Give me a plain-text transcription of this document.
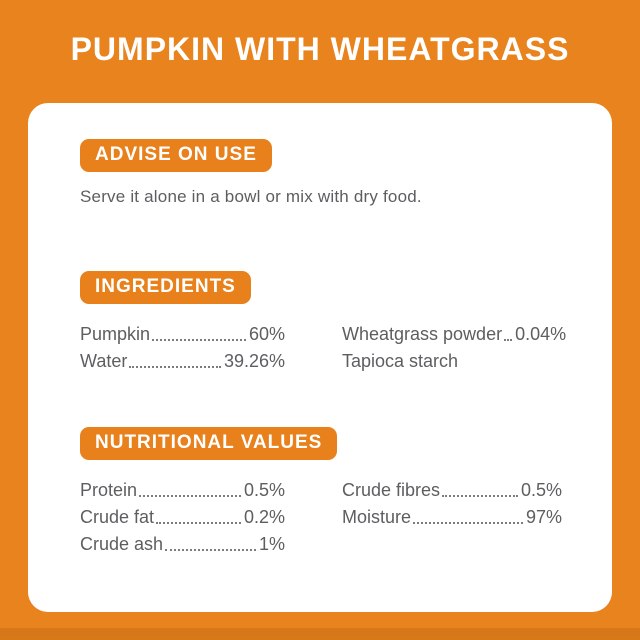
PUMPKIN WITH WHEATGRASS
ADVISE ON USE
Serve it alone in a bowl or mix with dry food.
INGREDIENTS
Pumpkin	60%
Water	39.26%
Wheatgrass powder 0.04%
Tapioca starch
NUTRITIONAL VALUES
Protein	0.5%
Crude fat	0.2%
Crude ash	1%
Crude fibres	0.5%
Moisture	97%
